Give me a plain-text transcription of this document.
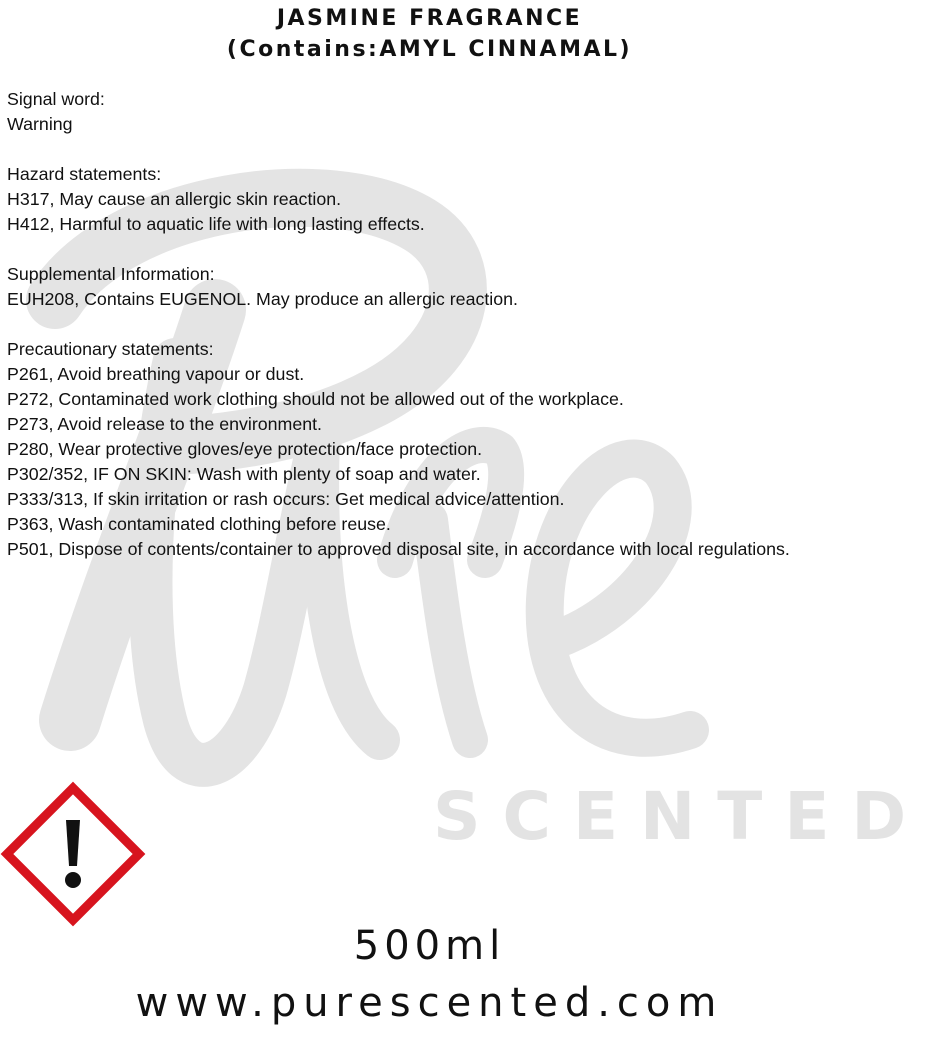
SCENTED
JASMINE FRAGRANCE
(Contains:AMYL CINNAMAL)
Signal word:
Warning
Hazard statements:
H317, May cause an allergic skin reaction.
H412, Harmful to aquatic life with long lasting effects.
Supplemental Information:
EUH208, Contains EUGENOL. May produce an allergic reaction.
Precautionary statements:
P261, Avoid breathing vapour or dust.
P272, Contaminated work clothing should not be allowed out of the workplace.
P273, Avoid release to the environment.
P280, Wear protective gloves/eye protection/face protection.
P302/352, IF ON SKIN: Wash with plenty of soap and water.
P333/313, If skin irritation or rash occurs: Get medical advice/attention.
P363, Wash contaminated clothing before reuse.
P501, Dispose of contents/container to approved disposal site, in accordance with local regulations.
500ml
www.purescented.com
